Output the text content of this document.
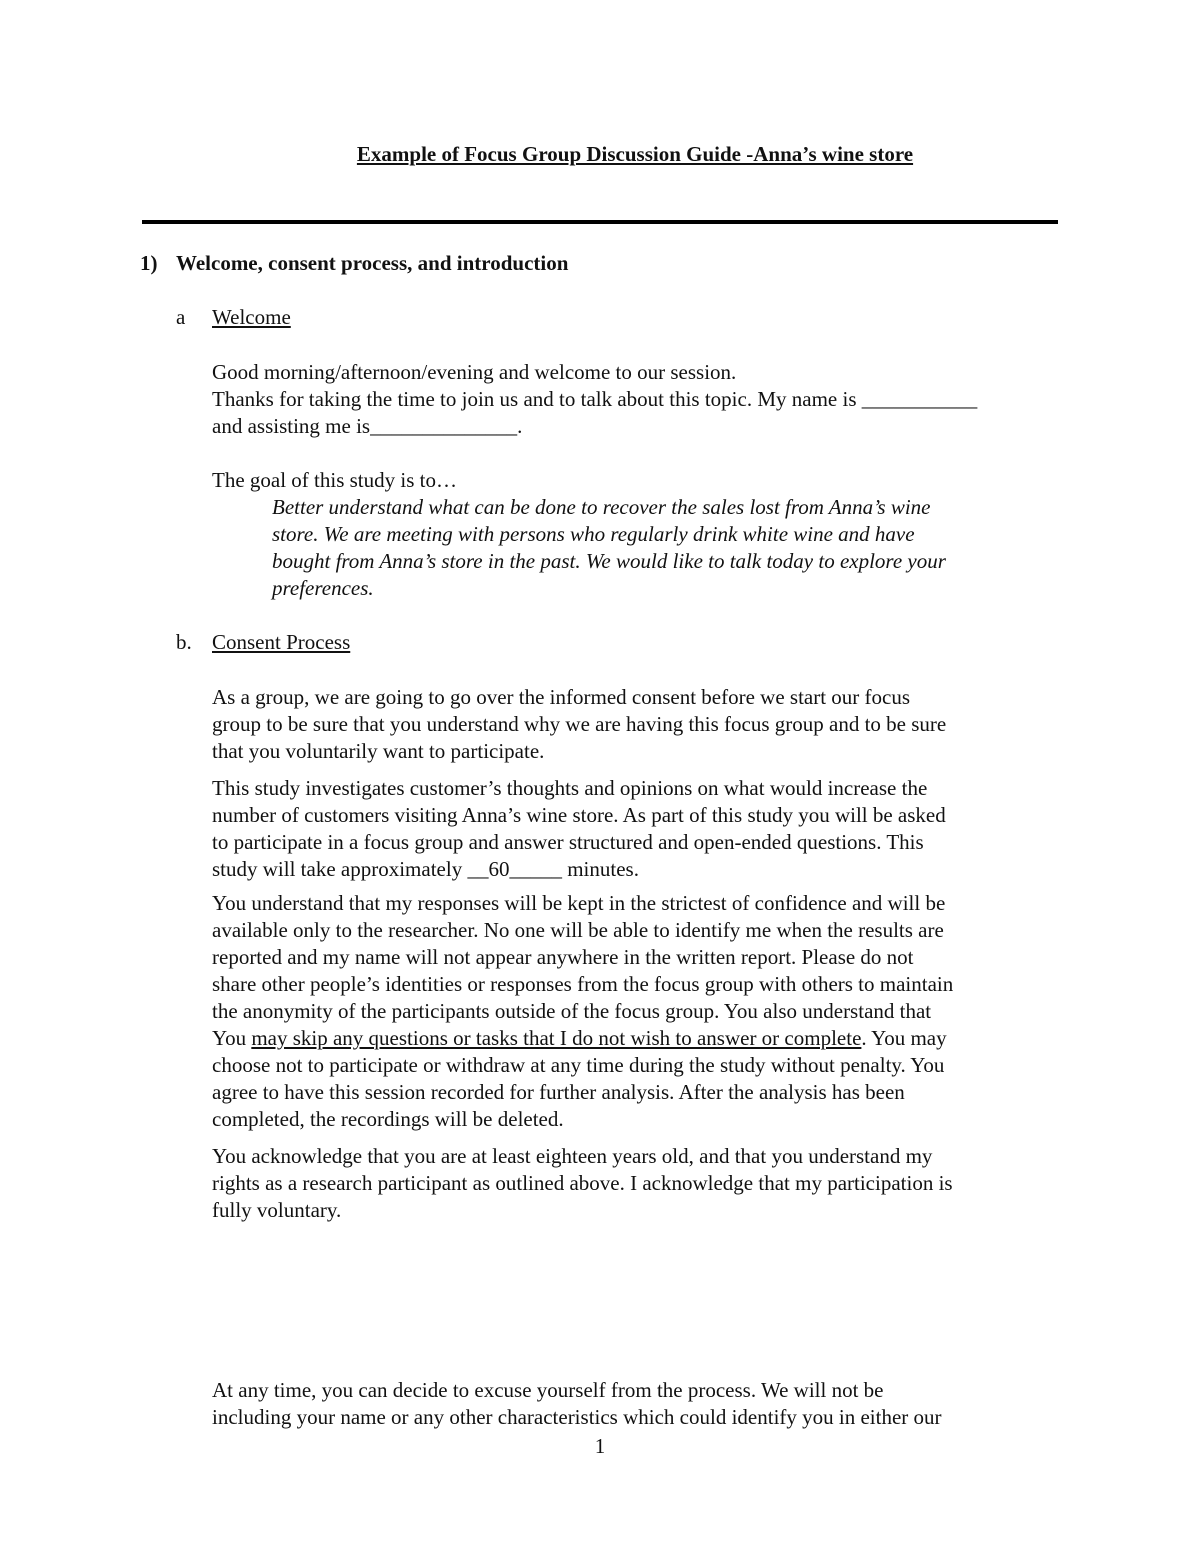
Example of Focus Group Discussion Guide -Anna’s wine store
1) Welcome, consent process, and introduction
a Welcome
Good morning/afternoon/evening and welcome to our session.
Thanks for taking the time to join us and to talk about this topic. My name is ___________
and assisting me is______________.
The goal of this study is to…
Better understand what can be done to recover the sales lost from Anna’s wine
store. We are meeting with persons who regularly drink white wine and have
bought from Anna’s store in the past. We would like to talk today to explore your
preferences.
b. Consent Process
As a group, we are going to go over the informed consent before we start our focus
group to be sure that you understand why we are having this focus group and to be sure
that you voluntarily want to participate.
This study investigates customer’s thoughts and opinions on what would increase the
number of customers visiting Anna’s wine store. As part of this study you will be asked
to participate in a focus group and answer structured and open-ended questions. This
study will take approximately __60_____ minutes.
You understand that my responses will be kept in the strictest of confidence and will be
available only to the researcher. No one will be able to identify me when the results are
reported and my name will not appear anywhere in the written report. Please do not
share other people’s identities or responses from the focus group with others to maintain
the anonymity of the participants outside of the focus group. You also understand that
You may skip any questions or tasks that I do not wish to answer or complete. You may
choose not to participate or withdraw at any time during the study without penalty. You
agree to have this session recorded for further analysis. After the analysis has been
completed, the recordings will be deleted.
You acknowledge that you are at least eighteen years old, and that you understand my
rights as a research participant as outlined above. I acknowledge that my participation is
fully voluntary.
At any time, you can decide to excuse yourself from the process. We will not be
including your name or any other characteristics which could identify you in either our
1
